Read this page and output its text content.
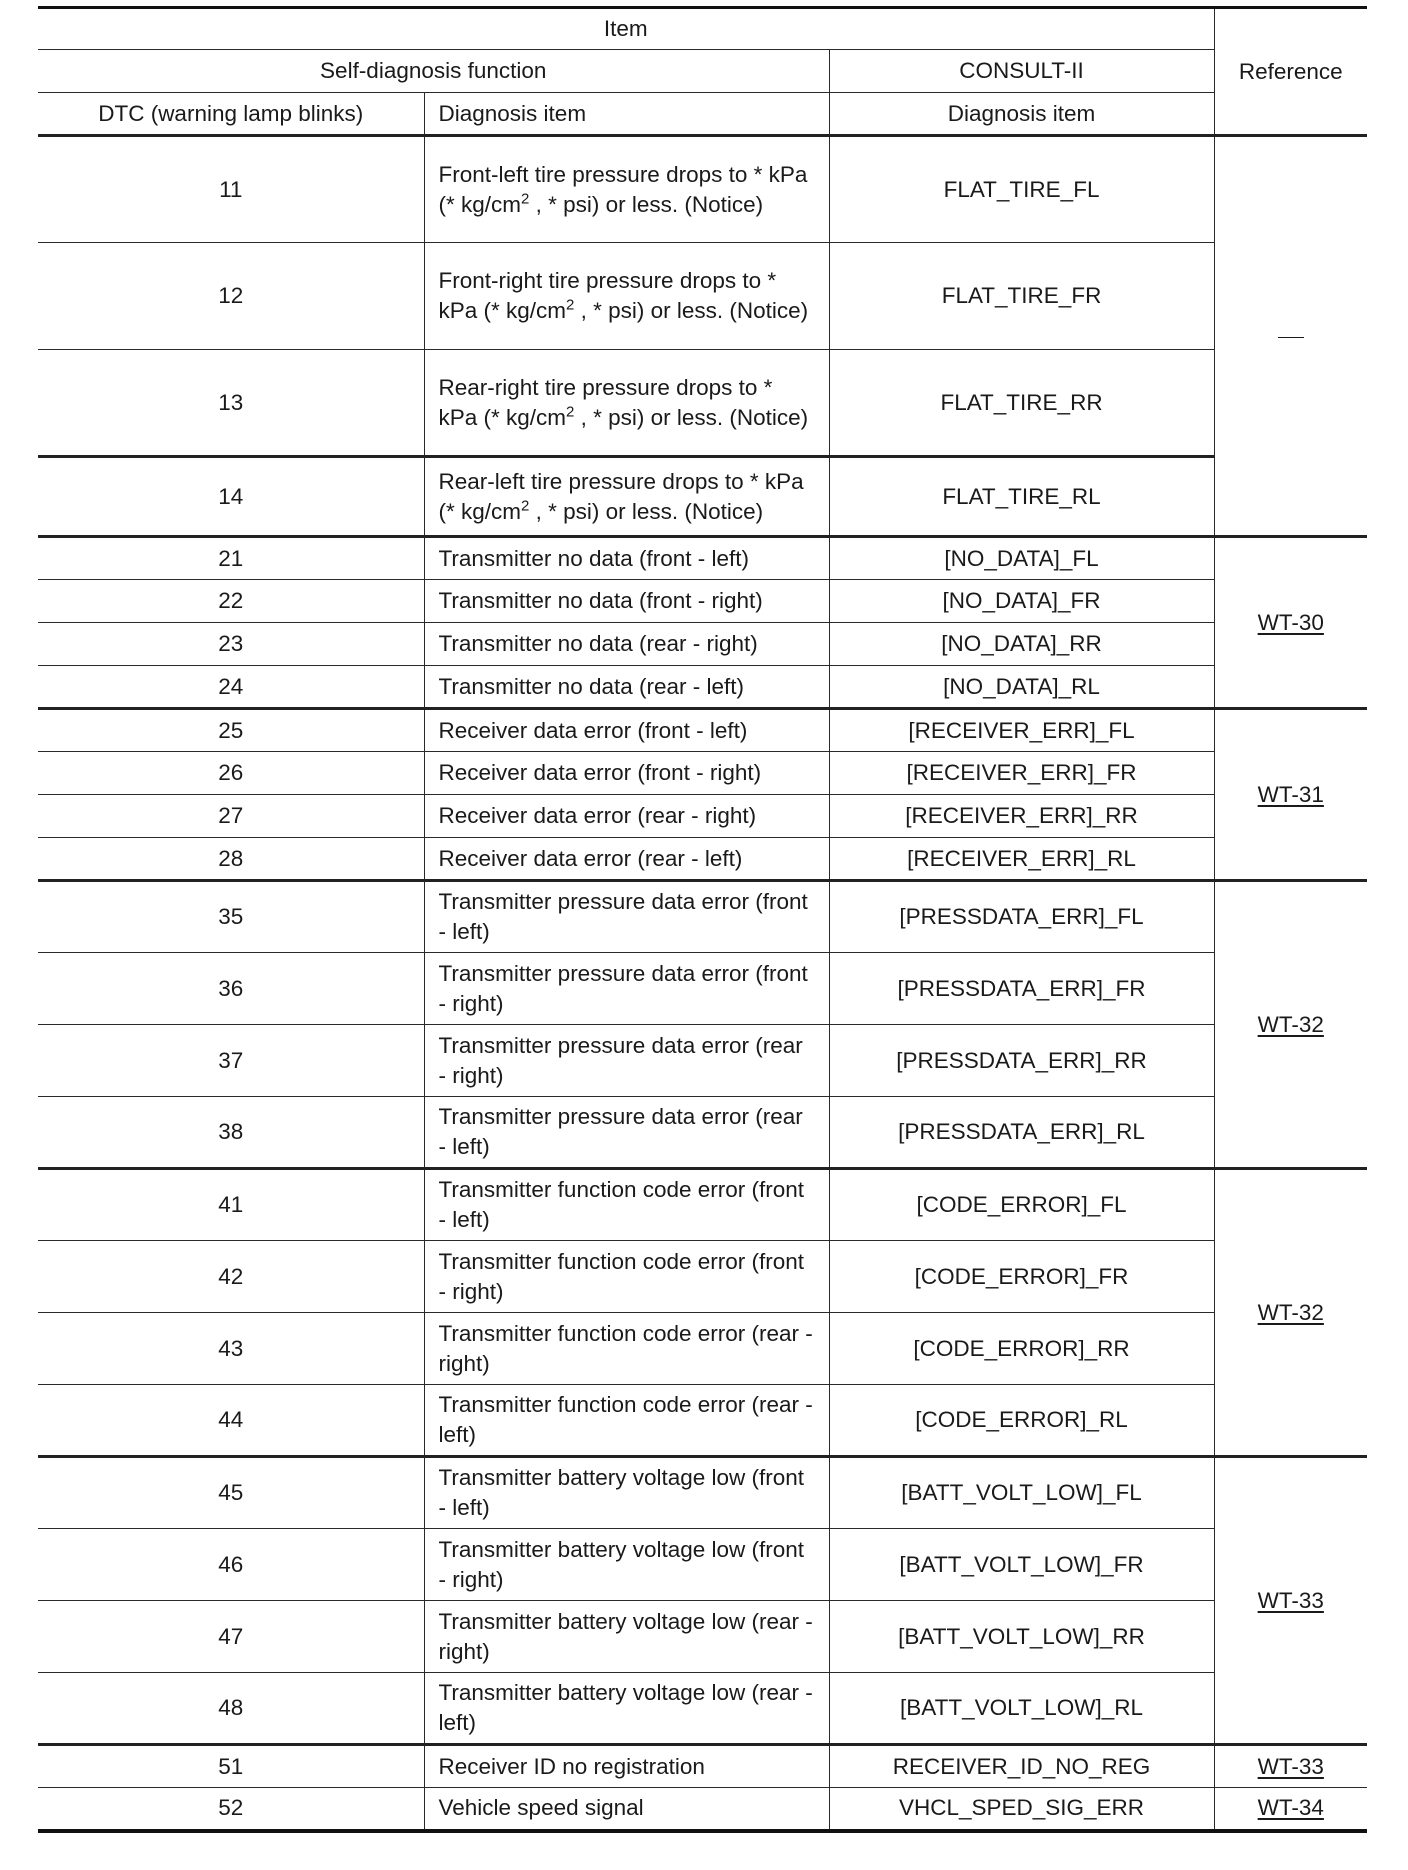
Item			Reference
Self-diagnosis function		CONSULT-II	
DTC (warning lamp blinks)	Diagnosis item	Diagnosis item	
11	Front-left tire pressure drops to * kPa (* $kg/cm^2$ , * psi) or less. (Notice)	FLAT_TIRE_FL	
12	Front-right tire pressure drops to * kPa (* $kg/cm^2$ , * psi) or less. (Notice)	FLAT_TIRE_FR	
13	Rear-right tire pressure drops to * kPa (* $kg/cm^2$ , * psi) or less. (Notice)	FLAT_TIRE_RR	
14	Rear-left tire pressure drops to * kPa (* $kg/cm^2$ , * psi) or less. (Notice)	FLAT_TIRE_RL	
21	Transmitter no data (front - left)	[NO_DATA]_FL	WT-30
22	Transmitter no data (front - right)	[NO_DATA]_FR	
23	Transmitter no data (rear - right)	[NO_DATA]_RR	
24	Transmitter no data (rear - left)	[NO_DATA]_RL	
25	Receiver data error (front - left)	[RECEIVER_ERR]_FL	WT-31
26	Receiver data error (front - right)	[RECEIVER_ERR]_FR	
27	Receiver data error (rear - right)	[RECEIVER_ERR]_RR	
28	Receiver data error (rear - left)	[RECEIVER_ERR]_RL	
35	Transmitter pressure data error (front - left)	[PRESSDATA_ERR]_FL	WT-32
36	Transmitter pressure data error (front - right)	[PRESSDATA_ERR]_FR	
37	Transmitter pressure data error (rear - right)	[PRESSDATA_ERR]_RR	
38	Transmitter pressure data error (rear - left)	[PRESSDATA_ERR]_RL	
41	Transmitter function code error (front - left)	[CODE_ERROR]_FL	WT-32
42	Transmitter function code error (front - right)	[CODE_ERROR]_FR	
43	Transmitter function code error (rear - right)	[CODE_ERROR]_RR	
44	Transmitter function code error (rear - left)	[CODE_ERROR]_RL	
45	Transmitter battery voltage low (front - left)	[BATT_VOLT_LOW]_FL	WT-33
46	Transmitter battery voltage low (front - right)	[BATT_VOLT_LOW]_FR	
47	Transmitter battery voltage low (rear - right)	[BATT_VOLT_LOW]_RR	
48	Transmitter battery voltage low (rear - left)	[BATT_VOLT_LOW]_RL	
51	Receiver ID no registration	RECEIVER_ID_NO_REG	WT-33
52	Vehicle speed signal	VHCL_SPED_SIG_ERR	WT-34
